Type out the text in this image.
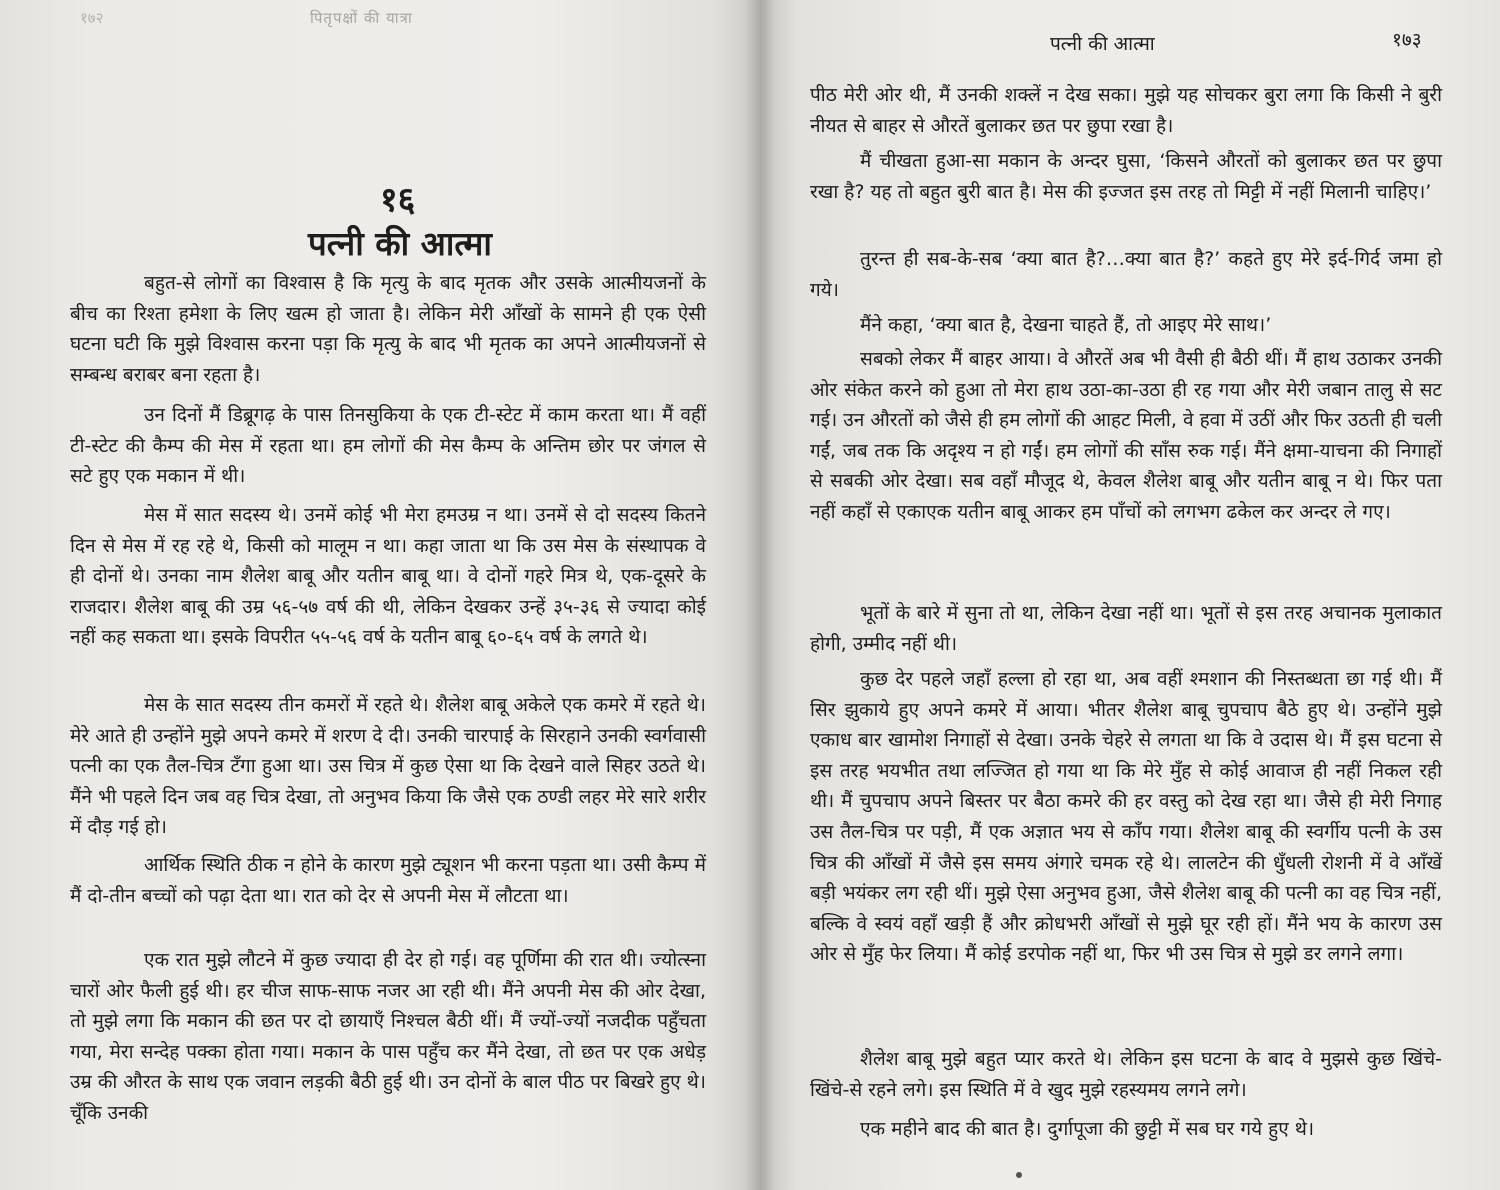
१७२	पितृपक्षों की यात्रा
१६
पत्नी की आत्मा

बहुत-से लोगों का विश्वास है कि मृत्यु के बाद मृतक और उसके आत्मीयजनों के बीच का रिश्ता हमेशा के लिए खत्म हो जाता है। लेकिन मेरी आँखों के सामने ही एक ऐसी घटना घटी कि मुझे विश्वास करना पड़ा कि मृत्यु के बाद भी मृतक का अपने आत्मीयजनों से सम्बन्ध बराबर बना रहता है।

उन दिनों मैं डिब्रूगढ़ के पास तिनसुकिया के एक टी-स्टेट में काम करता था। मैं वहीं टी-स्टेट की कैम्प की मेस में रहता था। हम लोगों की मेस कैम्प के अन्तिम छोर पर जंगल से सटे हुए एक मकान में थी।

मेस में सात सदस्य थे। उनमें कोई भी मेरा हमउम्र न था। उनमें से दो सदस्य कितने दिन से मेस में रह रहे थे, किसी को मालूम न था। कहा जाता था कि उस मेस के संस्थापक वे ही दोनों थे। उनका नाम शैलेश बाबू और यतीन बाबू था। वे दोनों गहरे मित्र थे, एक-दूसरे के राजदार। शैलेश बाबू की उम्र ५६-५७ वर्ष की थी, लेकिन देखकर उन्हें ३५-३६ से ज्यादा कोई नहीं कह सकता था। इसके विपरीत ५५-५६ वर्ष के यतीन बाबू ६०-६५ वर्ष के लगते थे।

मेस के सात सदस्य तीन कमरों में रहते थे। शैलेश बाबू अकेले एक कमरे में रहते थे। मेरे आते ही उन्होंने मुझे अपने कमरे में शरण दे दी। उनकी चारपाई के सिरहाने उनकी स्वर्गवासी पत्नी का एक तैल-चित्र टँगा हुआ था। उस चित्र में कुछ ऐसा था कि देखने वाले सिहर उठते थे। मैंने भी पहले दिन जब वह चित्र देखा, तो अनुभव किया कि जैसे एक ठण्डी लहर मेरे सारे शरीर में दौड़ गई हो।

आर्थिक स्थिति ठीक न होने के कारण मुझे ट्यूशन भी करना पड़ता था। उसी कैम्प में मैं दो-तीन बच्चों को पढ़ा देता था। रात को देर से अपनी मेस में लौटता था।

एक रात मुझे लौटने में कुछ ज्यादा ही देर हो गई। वह पूर्णिमा की रात थी। ज्योत्स्ना चारों ओर फैली हुई थी। हर चीज साफ-साफ नजर आ रही थी। मैंने अपनी मेस की ओर देखा, तो मुझे लगा कि मकान की छत पर दो छायाएँ निश्चल बैठी थीं। मैं ज्यों-ज्यों नजदीक पहुँचता गया, मेरा सन्देह पक्का होता गया। मकान के पास पहुँच कर मैंने देखा, तो छत पर एक अधेड़ उम्र की औरत के साथ एक जवान लड़की बैठी हुई थी। उन दोनों के बाल पीठ पर बिखरे हुए थे। चूँकि उनकी

पत्नी की आत्मा	१७३

पीठ मेरी ओर थी, मैं उनकी शक्लें न देख सका। मुझे यह सोचकर बुरा लगा कि किसी ने बुरी नीयत से बाहर से औरतें बुलाकर छत पर छुपा रखा है।

मैं चीखता हुआ-सा मकान के अन्दर घुसा, ‘किसने औरतों को बुलाकर छत पर छुपा रखा है? यह तो बहुत बुरी बात है। मेस की इज्जत इस तरह तो मिट्टी में नहीं मिलानी चाहिए।’

तुरन्त ही सब-के-सब ‘क्या बात है?…क्या बात है?’ कहते हुए मेरे इर्द-गिर्द जमा हो गये।

मैंने कहा, ‘क्या बात है, देखना चाहते हैं, तो आइए मेरे साथ।’

सबको लेकर मैं बाहर आया। वे औरतें अब भी वैसी ही बैठी थीं। मैं हाथ उठाकर उनकी ओर संकेत करने को हुआ तो मेरा हाथ उठा-का-उठा ही रह गया और मेरी जबान तालु से सट गई। उन औरतों को जैसे ही हम लोगों की आहट मिली, वे हवा में उठीं और फिर उठती ही चली गईं, जब तक कि अदृश्य न हो गईं। हम लोगों की साँस रुक गई। मैंने क्षमा-याचना की निगाहों से सबकी ओर देखा। सब वहाँ मौजूद थे, केवल शैलेश बाबू और यतीन बाबू न थे। फिर पता नहीं कहाँ से एकाएक यतीन बाबू आकर हम पाँचों को लगभग ढकेल कर अन्दर ले गए।

भूतों के बारे में सुना तो था, लेकिन देखा नहीं था। भूतों से इस तरह अचानक मुलाकात होगी, उम्मीद नहीं थी।

कुछ देर पहले जहाँ हल्ला हो रहा था, अब वहीं श्मशान की निस्तब्धता छा गई थी। मैं सिर झुकाये हुए अपने कमरे में आया। भीतर शैलेश बाबू चुपचाप बैठे हुए थे। उन्होंने मुझे एकाध बार खामोश निगाहों से देखा। उनके चेहरे से लगता था कि वे उदास थे। मैं इस घटना से इस तरह भयभीत तथा लज्जित हो गया था कि मेरे मुँह से कोई आवाज ही नहीं निकल रही थी। मैं चुपचाप अपने बिस्तर पर बैठा कमरे की हर वस्तु को देख रहा था। जैसे ही मेरी निगाह उस तैल-चित्र पर पड़ी, मैं एक अज्ञात भय से काँप गया। शैलेश बाबू की स्वर्गीय पत्नी के उस चित्र की आँखों में जैसे इस समय अंगारे चमक रहे थे। लालटेन की धुँधली रोशनी में वे आँखें बड़ी भयंकर लग रही थीं। मुझे ऐसा अनुभव हुआ, जैसे शैलेश बाबू की पत्नी का वह चित्र नहीं, बल्कि वे स्वयं वहाँ खड़ी हैं और क्रोधभरी आँखों से मुझे घूर रही हों। मैंने भय के कारण उस ओर से मुँह फेर लिया। मैं कोई डरपोक नहीं था, फिर भी उस चित्र से मुझे डर लगने लगा।

शैलेश बाबू मुझे बहुत प्यार करते थे। लेकिन इस घटना के बाद वे मुझसे कुछ खिंचे-खिंचे-से रहने लगे। इस स्थिति में वे खुद मुझे रहस्यमय लगने लगे।

एक महीने बाद की बात है। दुर्गापूजा की छुट्टी में सब घर गये हुए थे।
